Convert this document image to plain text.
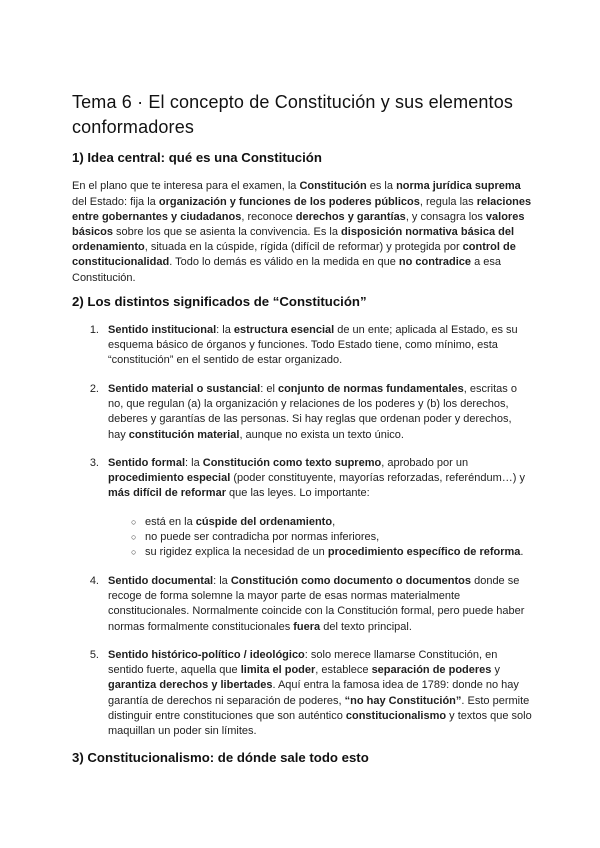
Tema 6 · El concepto de Constitución y sus elementos conformadores
1) Idea central: qué es una Constitución

En el plano que te interesa para el examen, la Constitución es la norma jurídica suprema del Estado: fija la organización y funciones de los poderes públicos, regula las relaciones entre gobernantes y ciudadanos, reconoce derechos y garantías, y consagra los valores básicos sobre los que se asienta la convivencia. Es la disposición normativa básica del ordenamiento, situada en la cúspide, rígida (difícil de reformar) y protegida por control de constitucionalidad. Todo lo demás es válido en la medida en que no contradice a esa Constitución.

2) Los distintos significados de “Constitución”
1. Sentido institucional: la estructura esencial de un ente; aplicada al Estado, es su esquema básico de órganos y funciones. Todo Estado tiene, como mínimo, esta “constitución” en el sentido de estar organizado.
2. Sentido material o sustancial: el conjunto de normas fundamentales, escritas o no, que regulan (a) la organización y relaciones de los poderes y (b) los derechos, deberes y garantías de las personas. Si hay reglas que ordenan poder y derechos, hay constitución material, aunque no exista un texto único.
3. Sentido formal: la Constitución como texto supremo, aprobado por un procedimiento especial (poder constituyente, mayorías reforzadas, referéndum…) y más difícil de reformar que las leyes. Lo importante:
○ está en la cúspide del ordenamiento,
○ no puede ser contradicha por normas inferiores,
○ su rigidez explica la necesidad de un procedimiento específico de reforma.
4. Sentido documental: la Constitución como documento o documentos donde se recoge de forma solemne la mayor parte de esas normas materialmente constitucionales. Normalmente coincide con la Constitución formal, pero puede haber normas formalmente constitucionales fuera del texto principal.
5. Sentido histórico-político / ideológico: solo merece llamarse Constitución, en sentido fuerte, aquella que limita el poder, establece separación de poderes y garantiza derechos y libertades. Aquí entra la famosa idea de 1789: donde no hay garantía de derechos ni separación de poderes, “no hay Constitución”. Esto permite distinguir entre constituciones que son auténtico constitucionalismo y textos que solo maquillan un poder sin límites.
3) Constitucionalismo: de dónde sale todo esto
